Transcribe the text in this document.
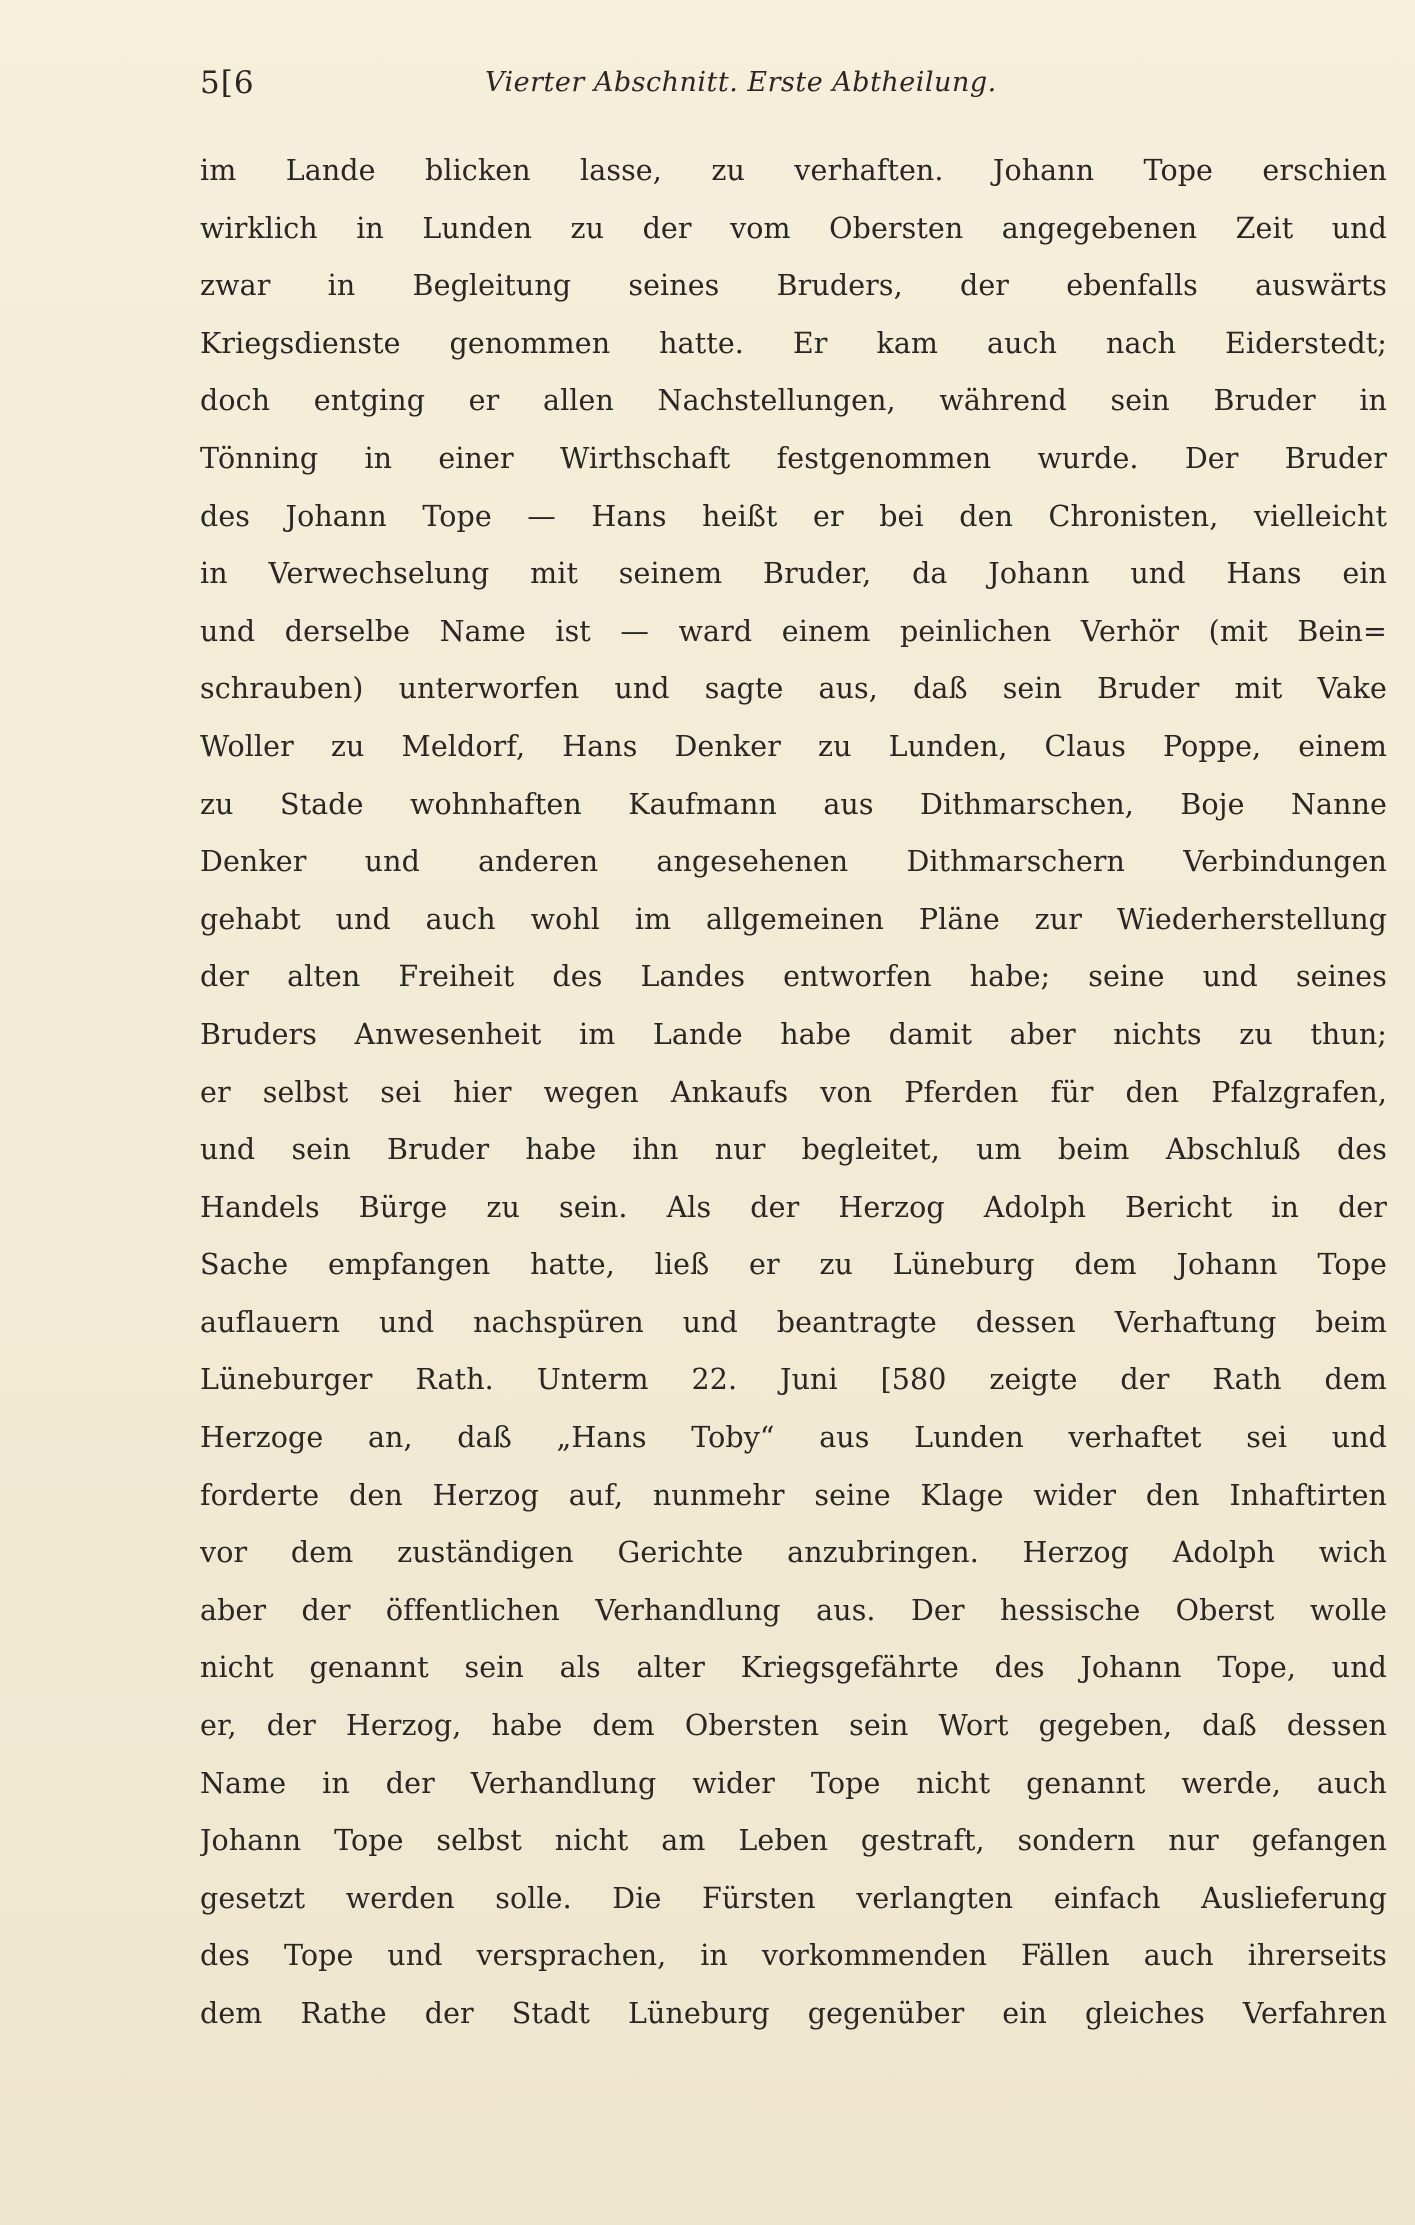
5[6	Vierter Abschnitt. Erste Abtheilung.
im Lande blicken lasse, zu verhaften. Johann Tope erschien
wirklich in Lunden zu der vom Obersten angegebenen Zeit und
zwar in Begleitung seines Bruders, der ebenfalls auswärts
Kriegsdienste genommen hatte. Er kam auch nach Eiderstedt;
doch entging er allen Nachstellungen, während sein Bruder in
Tönning in einer Wirthschaft festgenommen wurde. Der Bruder
des Johann Tope — Hans heißt er bei den Chronisten, vielleicht
in Verwechselung mit seinem Bruder, da Johann und Hans ein
und derselbe Name ist — ward einem peinlichen Verhör (mit Bein=
schrauben) unterworfen und sagte aus, daß sein Bruder mit Vake
Woller zu Meldorf, Hans Denker zu Lunden, Claus Poppe, einem
zu Stade wohnhaften Kaufmann aus Dithmarschen, Boje Nanne
Denker und anderen angesehenen Dithmarschern Verbindungen
gehabt und auch wohl im allgemeinen Pläne zur Wiederherstellung
der alten Freiheit des Landes entworfen habe; seine und seines
Bruders Anwesenheit im Lande habe damit aber nichts zu thun;
er selbst sei hier wegen Ankaufs von Pferden für den Pfalzgrafen,
und sein Bruder habe ihn nur begleitet, um beim Abschluß des
Handels Bürge zu sein. Als der Herzog Adolph Bericht in der
Sache empfangen hatte, ließ er zu Lüneburg dem Johann Tope
auflauern und nachspüren und beantragte dessen Verhaftung beim
Lüneburger Rath. Unterm 22. Juni [580 zeigte der Rath dem
Herzoge an, daß „Hans Toby“ aus Lunden verhaftet sei und
forderte den Herzog auf, nunmehr seine Klage wider den Inhaftirten
vor dem zuständigen Gerichte anzubringen. Herzog Adolph wich
aber der öffentlichen Verhandlung aus. Der hessische Oberst wolle
nicht genannt sein als alter Kriegsgefährte des Johann Tope, und
er, der Herzog, habe dem Obersten sein Wort gegeben, daß dessen
Name in der Verhandlung wider Tope nicht genannt werde, auch
Johann Tope selbst nicht am Leben gestraft, sondern nur gefangen
gesetzt werden solle. Die Fürsten verlangten einfach Auslieferung
des Tope und versprachen, in vorkommenden Fällen auch ihrerseits
dem Rathe der Stadt Lüneburg gegenüber ein gleiches Verfahren
